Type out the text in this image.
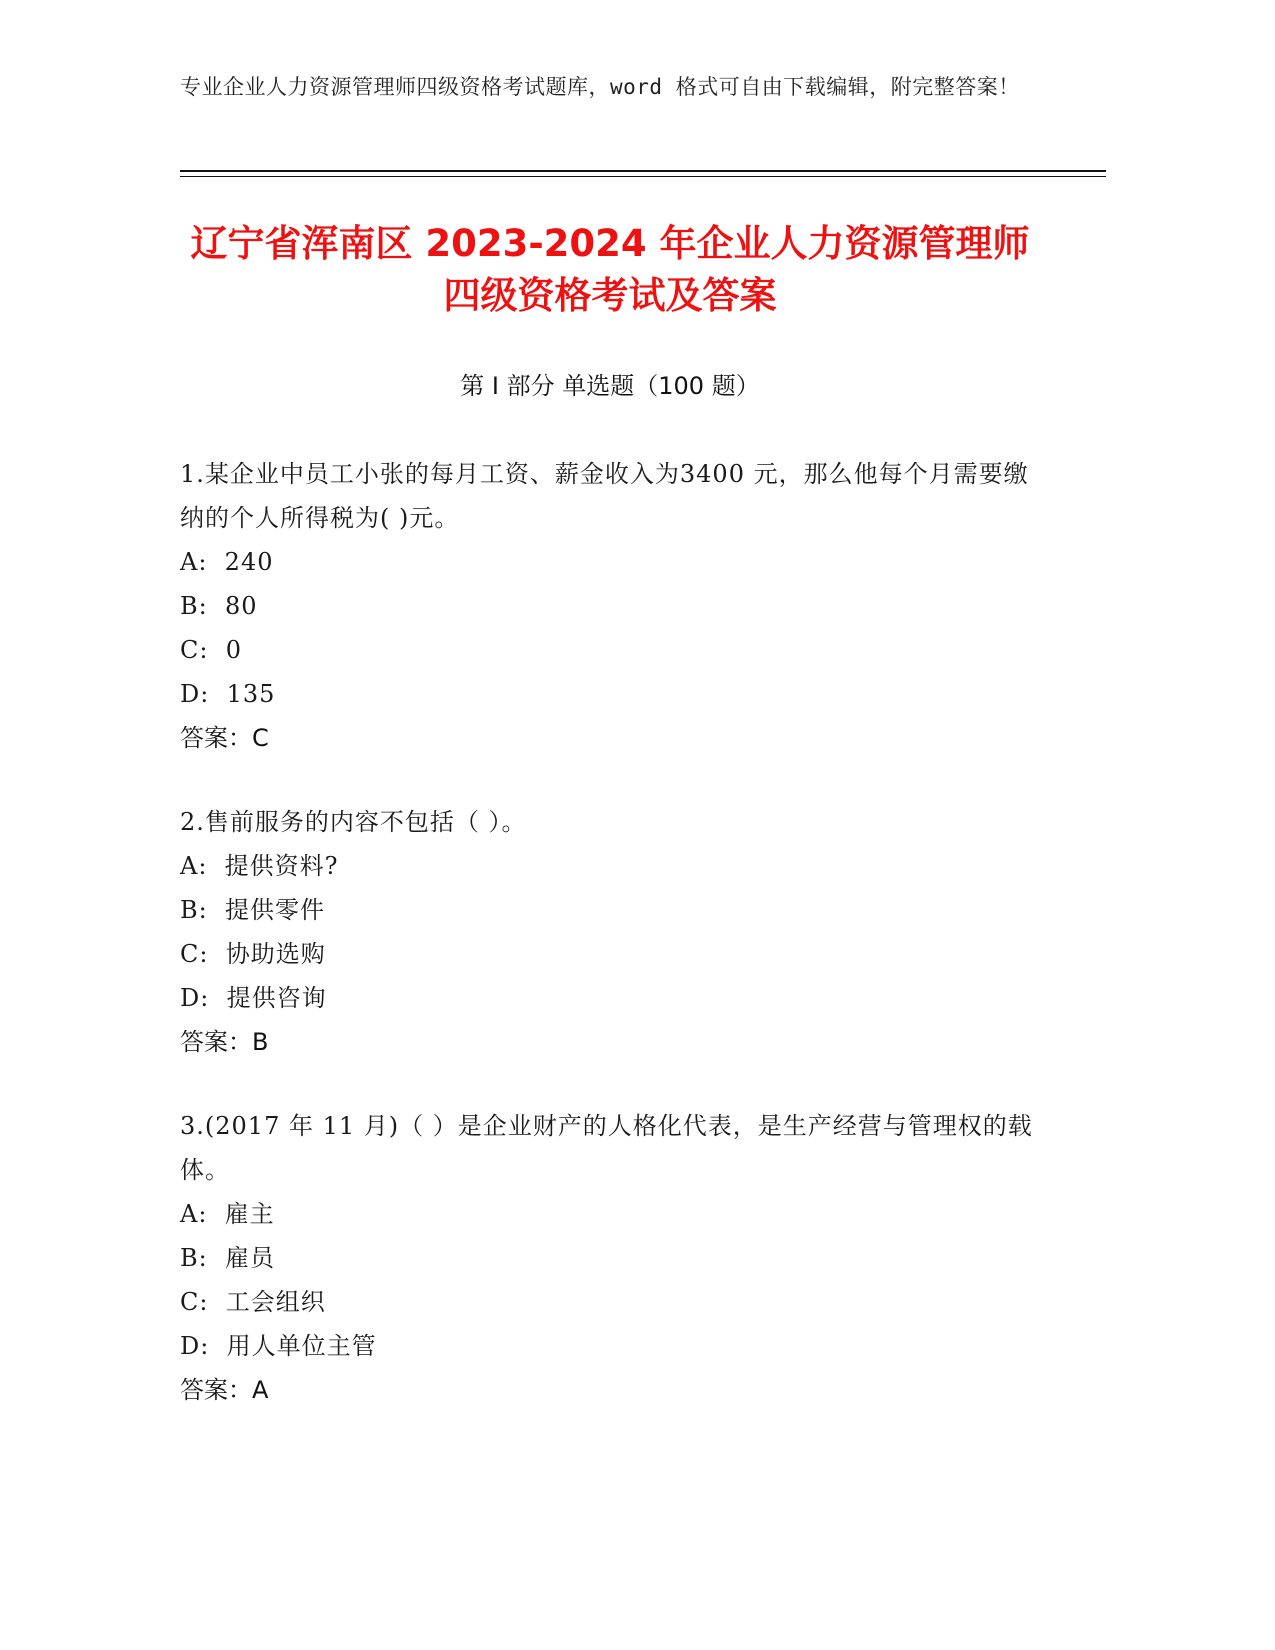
专业企业人力资源管理师四级资格考试题库，word 格式可自由下载编辑，附完整答案！
辽宁省浑南区 2023-2024 年企业人力资源管理师四级资格考试及答案
第 I 部分 单选题（100 题）
1.某企业中员工小张的每月工资、薪金收入为3400 元，那么他每个月需要缴纳的个人所得税为( )元。
A:  240
B:  80
C:  0
D:  135
答案：C
2.售前服务的内容不包括（ ）。
A:  提供资料?
B:  提供零件
C:  协助选购
D:  提供咨询
答案：B
3.(2017 年 11 月)（ ）是企业财产的人格化代表，是生产经营与管理权的载体。
A:  雇主
B:  雇员
C:  工会组织
D:  用人单位主管
答案：A
